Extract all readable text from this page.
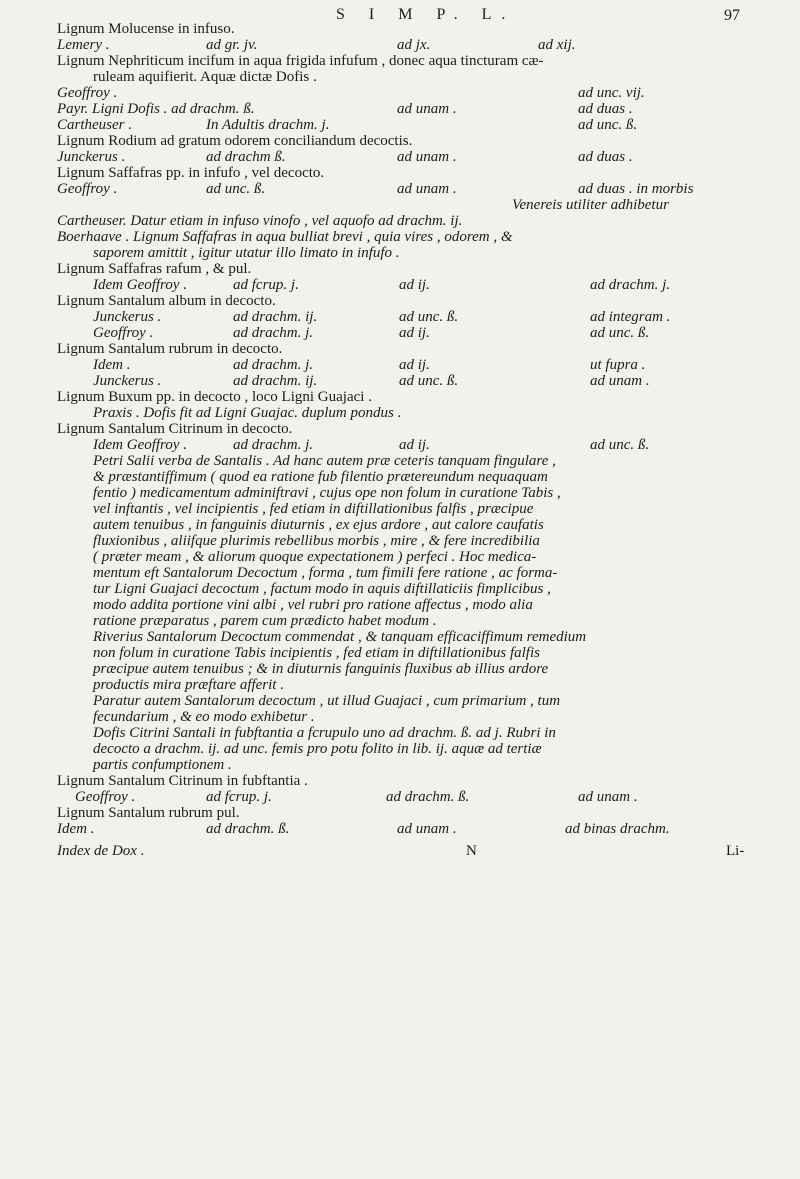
S I M P. L.	97
Lignum Molucense in infuso.
Lemery .	ad gr. jv.	ad jx.	ad xij.
Lignum Nephriticum incifum in aqua frigida infufum , donec aqua tincturam cæ-
ruleam aquifierit. Aquæ dictæ Dofis .
Geoffroy .	ad unc. vij.
Payr. Ligni Dofis . ad drachm. ß.	ad unam .	ad duas .
Cartheuser .	In Adultis drachm. j.	ad unc. ß.
Lignum Rodium ad gratum odorem conciliandum decoctis.
Junckerus .	ad drachm ß.	ad unam .	ad duas .
Lignum Saffafras pp. in infufo , vel decocto.
Geoffroy .	ad unc. ß.	ad unam .	ad duas . in morbis
Venereis utiliter adhibetur
Cartheuser. Datur etiam in infuso vinofo , vel aquofo ad drachm. ij.
Boerhaave . Lignum Saffafras in aqua bulliat brevi , quia vires , odorem , &
saporem amittit , igitur utatur illo limato in infufo .
Lignum Saffafras rafum , & pul.
Idem Geoffroy .	ad fcrup. j.	ad ij.	ad drachm. j.
Lignum Santalum album in decocto.
Junckerus .	ad drachm. ij.	ad unc. ß.	ad integram .
Geoffroy .	ad drachm. j.	ad ij.	ad unc. ß.
Lignum Santalum rubrum in decocto.
Idem .	ad drachm. j.	ad ij.	ut fupra .
Junckerus .	ad drachm. ij.	ad unc. ß.	ad unam .
Lignum Buxum pp. in decocto , loco Ligni Guajaci .
Praxis . Dofis fit ad Ligni Guajac. duplum pondus .
Lignum Santalum Citrinum in decocto.
Idem Geoffroy .	ad drachm. j.	ad ij.	ad unc. ß.
Petri Salii verba de Santalis . Ad hanc autem præ ceteris tanquam fingulare ,
& præstantiffimum ( quod ea ratione fub filentio prætereundum nequaquam
fentio ) medicamentum adminiftravi , cujus ope non folum in curatione Tabis ,
vel inftantis , vel incipientis , fed etiam in diftillationibus falfis , præcipue
autem tenuibus , in fanguinis diuturnis , ex ejus ardore , aut calore caufatis
fluxionibus , aliifque plurimis rebellibus morbis , mire , & fere incredibilia
( præter meam , & aliorum quoque expectationem ) perfeci . Hoc medica-
mentum eft Santalorum Decoctum , forma , tum fimili fere ratione , ac forma-
tur Ligni Guajaci decoctum , factum modo in aquis diftillaticiis fimplicibus ,
modo addita portione vini albi , vel rubri pro ratione affectus , modo alia
ratione præparatus , parem cum prædicto habet modum .
Riverius Santalorum Decoctum commendat , & tanquam efficaciffimum remedium
non folum in curatione Tabis incipientis , fed etiam in diftillationibus falfis
præcipue autem tenuibus ; & in diuturnis fanguinis fluxibus ab illius ardore
productis mira præftare afferit .
Paratur autem Santalorum decoctum , ut illud Guajaci , cum primarium , tum
fecundarium , & eo modo exhibetur .
Dofis Citrini Santali in fubftantia a fcrupulo uno ad drachm. ß. ad j. Rubri in
decocto a drachm. ij. ad unc. femis pro potu folito in lib. ij. aquæ ad tertiæ
partis confumptionem .
Lignum Santalum Citrinum in fubftantia .
Geoffroy .	ad fcrup. j.	ad drachm. ß.	ad unam .
Lignum Santalum rubrum pul.
Idem .	ad drachm. ß.	ad unam .	ad binas drachm.
Index de Dox .	N	Li-
